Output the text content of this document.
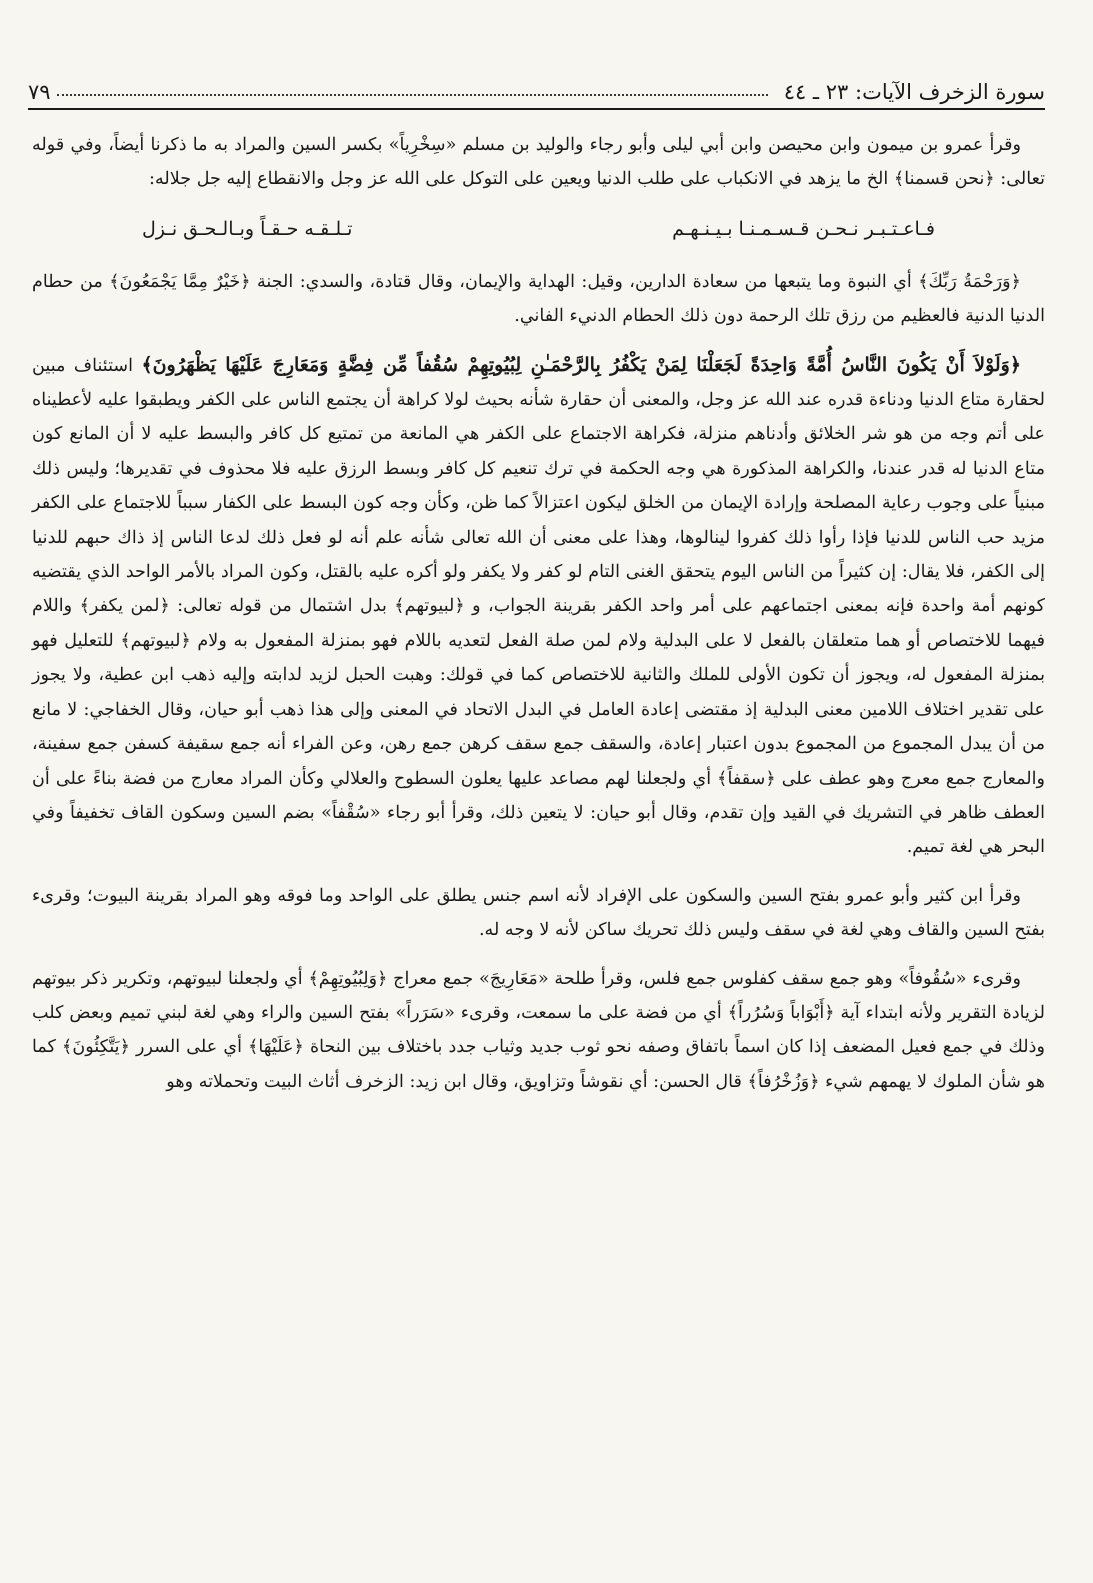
سورة الزخرف الآيات: ٢٣ ـ ٤٤
٧٩

وقرأ عمرو بن ميمون وابن محيصن وابن أبي ليلى وأبو رجاء والوليد بن مسلم «سِخْرِياً» بكسر السين والمراد به ما ذكرنا أيضاً، وفي قوله تعالى: ﴿نحن قسمنا﴾ الخ ما يزهد في الانكباب على طلب الدنيا ويعين على التوكل على الله عز وجل والانقطاع إليه جل جلاله:

فـاعـتـبـر نـحـن قـسـمـنـا بـيـنـهـم
تـلـقـه حـقـاً وبـالـحـق نـزل

﴿وَرَحْمَةُ رَبِّكَ﴾ أي النبوة وما يتبعها من سعادة الدارين، وقيل: الهداية والإيمان، وقال قتادة، والسدي: الجنة ﴿خَيْرٌ مِمَّا يَجْمَعُونَ﴾ من حطام الدنيا الدنية فالعظيم من رزق تلك الرحمة دون ذلك الحطام الدنيء الفاني.

﴿وَلَوْلاَ أَنْ يَكُونَ النَّاسُ أُمَّةً وَاحِدَةً لَجَعَلْنَا لِمَنْ يَكْفُرُ بِالرَّحْمَـٰنِ لِبُيُوتِهِمْ سُقُفاً مِّن فِضَّةٍ وَمَعَارِجَ عَلَيْهَا يَظْهَرُونَ﴾ استئناف مبين لحقارة متاع الدنيا ودناءة قدره عند الله عز وجل، والمعنى أن حقارة شأنه بحيث لولا كراهة أن يجتمع الناس على الكفر ويطبقوا عليه لأعطيناه على أتم وجه من هو شر الخلائق وأدناهم منزلة، فكراهة الاجتماع على الكفر هي المانعة من تمتيع كل كافر والبسط عليه لا أن المانع كون متاع الدنيا له قدر عندنا، والكراهة المذكورة هي وجه الحكمة في ترك تنعيم كل كافر وبسط الرزق عليه فلا محذوف في تقديرها؛ وليس ذلك مبنياً على وجوب رعاية المصلحة وإرادة الإيمان من الخلق ليكون اعتزالاً كما ظن، وكأن وجه كون البسط على الكفار سبباً للاجتماع على الكفر مزيد حب الناس للدنيا فإذا رأوا ذلك كفروا لينالوها، وهذا على معنى أن الله تعالى شأنه علم أنه لو فعل ذلك لدعا الناس إذ ذاك حبهم للدنيا إلى الكفر، فلا يقال: إن كثيراً من الناس اليوم يتحقق الغنى التام لو كفر ولا يكفر ولو أكره عليه بالقتل، وكون المراد بالأمر الواحد الذي يقتضيه كونهم أمة واحدة فإنه بمعنى اجتماعهم على أمر واحد الكفر بقرينة الجواب، و ﴿لبيوتهم﴾ بدل اشتمال من قوله تعالى: ﴿لمن يكفر﴾ واللام فيهما للاختصاص أو هما متعلقان بالفعل لا على البدلية ولام لمن صلة الفعل لتعديه باللام فهو بمنزلة المفعول به ولام ﴿لبيوتهم﴾ للتعليل فهو بمنزلة المفعول له، ويجوز أن تكون الأولى للملك والثانية للاختصاص كما في قولك: وهبت الحبل لزيد لدابته وإليه ذهب ابن عطية، ولا يجوز على تقدير اختلاف اللامين معنى البدلية إذ مقتضى إعادة العامل في البدل الاتحاد في المعنى وإلى هذا ذهب أبو حيان، وقال الخفاجي: لا مانع من أن يبدل المجموع من المجموع بدون اعتبار إعادة، والسقف جمع سقف كرهن جمع رهن، وعن الفراء أنه جمع سقيفة كسفن جمع سفينة، والمعارج جمع معرج وهو عطف على ﴿سقفاً﴾ أي ولجعلنا لهم مصاعد عليها يعلون السطوح والعلالي وكأن المراد معارج من فضة بناءً على أن العطف ظاهر في التشريك في القيد وإن تقدم، وقال أبو حيان: لا يتعين ذلك، وقرأ أبو رجاء «سُقْفاً» بضم السين وسكون القاف تخفيفاً وفي البحر هي لغة تميم.

وقرأ ابن كثير وأبو عمرو بفتح السين والسكون على الإفراد لأنه اسم جنس يطلق على الواحد وما فوقه وهو المراد بقرينة البيوت؛ وقرىء بفتح السين والقاف وهي لغة في سقف وليس ذلك تحريك ساكن لأنه لا وجه له.

وقرىء «سُقُوفاً» وهو جمع سقف كفلوس جمع فلس، وقرأ طلحة «مَعَارِيجَ» جمع معراج ﴿وَلِبُيُوتِهِمْ﴾ أي ولجعلنا لبيوتهم، وتكرير ذكر بيوتهم لزيادة التقرير ولأنه ابتداء آية ﴿أَبْوَاباً وَسُرُراً﴾ أي من فضة على ما سمعت، وقرىء «سَرَراً» بفتح السين والراء وهي لغة لبني تميم وبعض كلب وذلك في جمع فعيل المضعف إذا كان اسماً باتفاق وصفه نحو ثوب جديد وثياب جدد باختلاف بين النحاة ﴿عَلَيْهَا﴾ أي على السرر ﴿يَتَّكِئُونَ﴾ كما هو شأن الملوك لا يهمهم شيء ﴿وَزُخْرُفاً﴾ قال الحسن: أي نقوشاً وتزاويق، وقال ابن زيد: الزخرف أثاث البيت وتحملاته وهو
